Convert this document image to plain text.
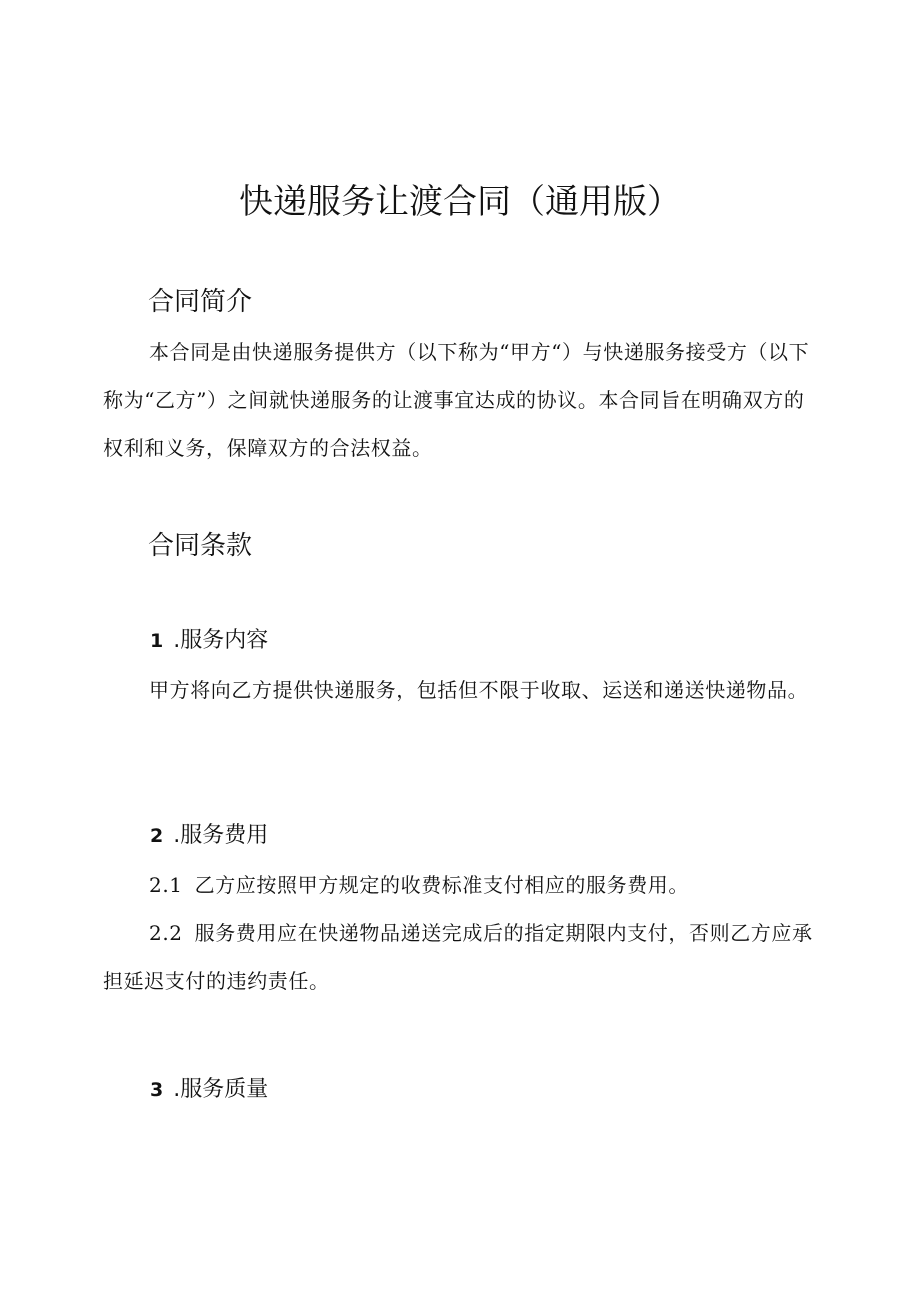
快递服务让渡合同（通用版）
合同简介

本合同是由快递服务提供方（以下称为“甲方“）与快递服务接受方（以下称为“乙方”）之间就快递服务的让渡事宜达成的协议。本合同旨在明确双方的权利和义务，保障双方的合法权益。

合同条款
1 .服务内容

甲方将向乙方提供快递服务，包括但不限于收取、运送和递送快递物品。

2 .服务费用

2.1 乙方应按照甲方规定的收费标准支付相应的服务费用。

2.2 服务费用应在快递物品递送完成后的指定期限内支付，否则乙方应承担延迟支付的违约责任。

3 .服务质量
